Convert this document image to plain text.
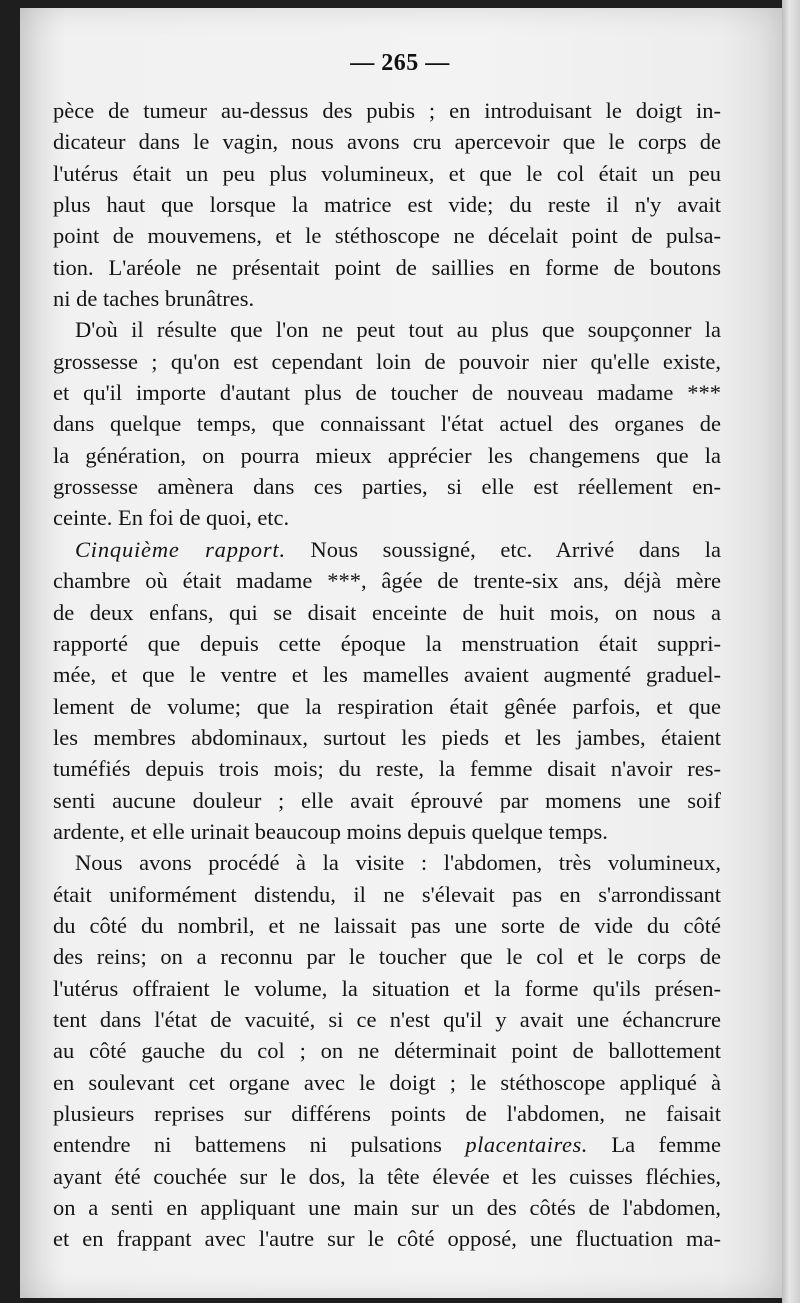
— 265 —
pèce de tumeur au-dessus des pubis ; en introduisant le doigt in-
dicateur dans le vagin, nous avons cru apercevoir que le corps de
l'utérus était un peu plus volumineux, et que le col était un peu
plus haut que lorsque la matrice est vide; du reste il n'y avait
point de mouvemens, et le stéthoscope ne décelait point de pulsa-
tion. L'aréole ne présentait point de saillies en forme de boutons
ni de taches brunâtres.
D'où il résulte que l'on ne peut tout au plus que soupçonner la
grossesse ; qu'on est cependant loin de pouvoir nier qu'elle existe,
et qu'il importe d'autant plus de toucher de nouveau madame ***
dans quelque temps, que connaissant l'état actuel des organes de
la génération, on pourra mieux apprécier les changemens que la
grossesse amènera dans ces parties, si elle est réellement en-
ceinte. En foi de quoi, etc.
Cinquième rapport. Nous soussigné, etc. Arrivé dans la
chambre où était madame ***, âgée de trente-six ans, déjà mère
de deux enfans, qui se disait enceinte de huit mois, on nous a
rapporté que depuis cette époque la menstruation était suppri-
mée, et que le ventre et les mamelles avaient augmenté graduel-
lement de volume; que la respiration était gênée parfois, et que
les membres abdominaux, surtout les pieds et les jambes, étaient
tuméfiés depuis trois mois; du reste, la femme disait n'avoir res-
senti aucune douleur ; elle avait éprouvé par momens une soif
ardente, et elle urinait beaucoup moins depuis quelque temps.
Nous avons procédé à la visite : l'abdomen, très volumineux,
était uniformément distendu, il ne s'élevait pas en s'arrondissant
du côté du nombril, et ne laissait pas une sorte de vide du côté
des reins; on a reconnu par le toucher que le col et le corps de
l'utérus offraient le volume, la situation et la forme qu'ils présen-
tent dans l'état de vacuité, si ce n'est qu'il y avait une échancrure
au côté gauche du col ; on ne déterminait point de ballottement
en soulevant cet organe avec le doigt ; le stéthoscope appliqué à
plusieurs reprises sur différens points de l'abdomen, ne faisait
entendre ni battemens ni pulsations placentaires. La femme
ayant été couchée sur le dos, la tête élevée et les cuisses fléchies,
on a senti en appliquant une main sur un des côtés de l'abdomen,
et en frappant avec l'autre sur le côté opposé, une fluctuation ma-
